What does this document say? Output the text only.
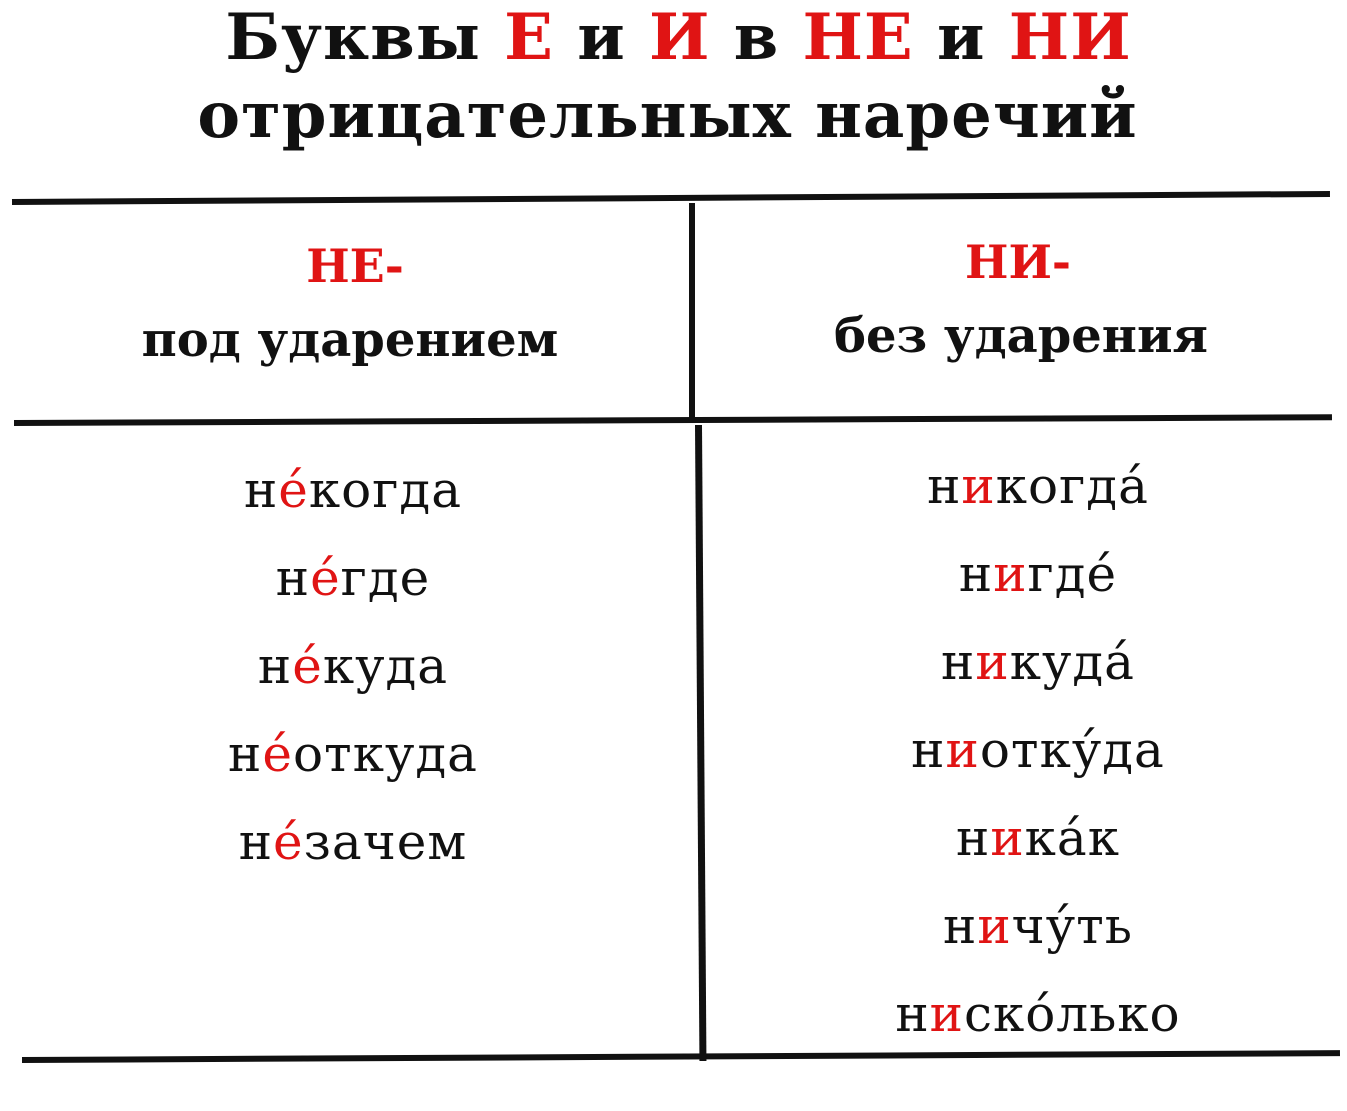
Буквы Е и И в НЕ и НИ
отрицательных наречий
НЕ-
под ударением
НИ-
без ударения
не́когда
не́где
не́куда
не́откуда
не́зачем
никогда́
нигде́
никуда́
ниотку́да
ника́к
ничу́ть
ниско́лько
